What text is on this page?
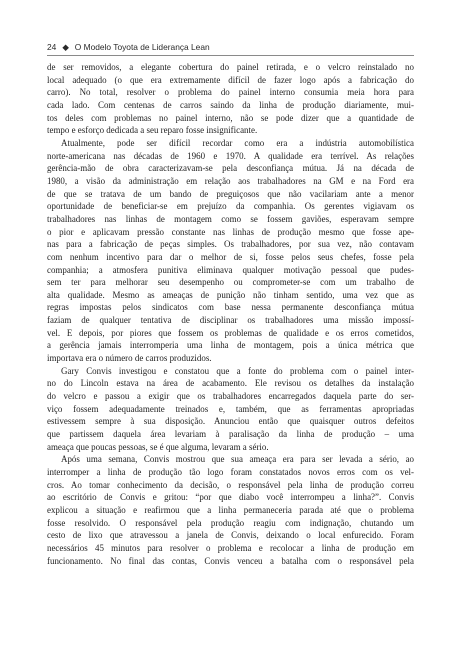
24 ◆ O Modelo Toyota de Liderança Lean
de ser removidos, a elegante cobertura do painel retirada, e o velcro reinstalado no
local adequado (o que era extremamente difícil de fazer logo após a fabricação do
carro). No total, resolver o problema do painel interno consumia meia hora para
cada lado. Com centenas de carros saindo da linha de produção diariamente, mui-
tos deles com problemas no painel interno, não se pode dizer que a quantidade de
tempo e esforço dedicada a seu reparo fosse insignificante.
Atualmente, pode ser difícil recordar como era a indústria automobilística
norte-americana nas décadas de 1960 e 1970. A qualidade era terrível. As relações
gerência-mão de obra caracterizavam-se pela desconfiança mútua. Já na década de
1980, a visão da administração em relação aos trabalhadores na GM e na Ford era
de que se tratava de um bando de preguiçosos que não vacilariam ante a menor
oportunidade de beneficiar-se em prejuízo da companhia. Os gerentes vigiavam os
trabalhadores nas linhas de montagem como se fossem gaviões, esperavam sempre
o pior e aplicavam pressão constante nas linhas de produção mesmo que fosse ape-
nas para a fabricação de peças simples. Os trabalhadores, por sua vez, não contavam
com nenhum incentivo para dar o melhor de si, fosse pelos seus chefes, fosse pela
companhia; a atmosfera punitiva eliminava qualquer motivação pessoal que pudes-
sem ter para melhorar seu desempenho ou comprometer-se com um trabalho de
alta qualidade. Mesmo as ameaças de punição não tinham sentido, uma vez que as
regras impostas pelos sindicatos com base nessa permanente desconfiança mútua
faziam de qualquer tentativa de disciplinar os trabalhadores uma missão impossí-
vel. E depois, por piores que fossem os problemas de qualidade e os erros cometidos,
a gerência jamais interromperia uma linha de montagem, pois a única métrica que
importava era o número de carros produzidos.
Gary Convis investigou e constatou que a fonte do problema com o painel inter-
no do Lincoln estava na área de acabamento. Ele revisou os detalhes da instalação
do velcro e passou a exigir que os trabalhadores encarregados daquela parte do ser-
viço fossem adequadamente treinados e, também, que as ferramentas apropriadas
estivessem sempre à sua disposição. Anunciou então que quaisquer outros defeitos
que partissem daquela área levariam à paralisação da linha de produção – uma
ameaça que poucas pessoas, se é que alguma, levaram a sério.
Após uma semana, Convis mostrou que sua ameaça era para ser levada a sério, ao
interromper a linha de produção tão logo foram constatados novos erros com os vel-
cros. Ao tomar conhecimento da decisão, o responsável pela linha de produção correu
ao escritório de Convis e gritou: “por que diabo você interrompeu a linha?”. Convis
explicou a situação e reafirmou que a linha permaneceria parada até que o problema
fosse resolvido. O responsável pela produção reagiu com indignação, chutando um
cesto de lixo que atravessou a janela de Convis, deixando o local enfurecido. Foram
necessários 45 minutos para resolver o problema e recolocar a linha de produção em
funcionamento. No final das contas, Convis venceu a batalha com o responsável pela
